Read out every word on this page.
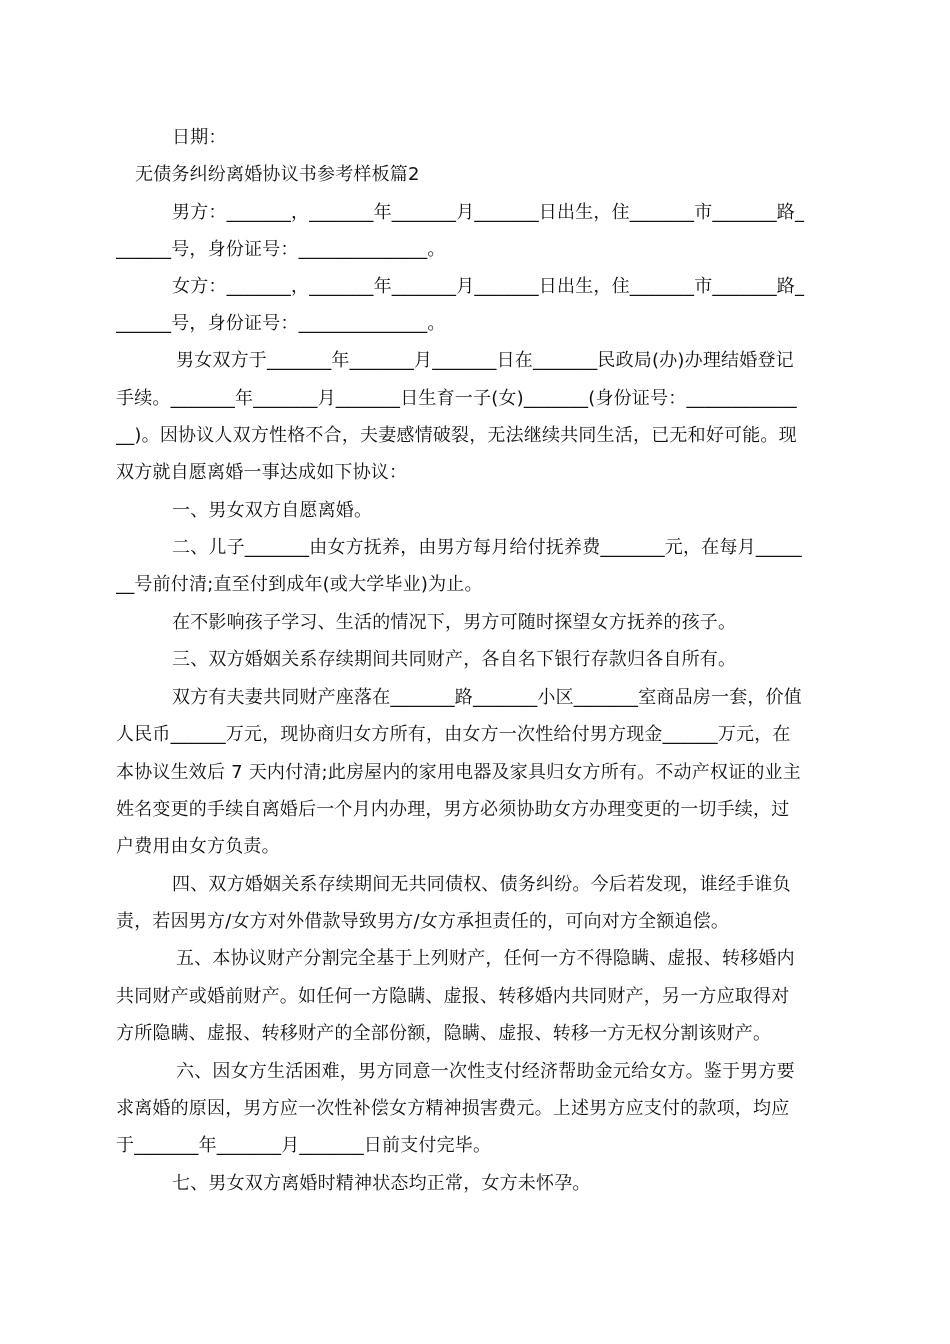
日期：
无债务纠纷离婚协议书参考样板篇2
男方：_______，_______年_______月_______日出生，住_______市_______路_
______号，身份证号：______________。
女方：_______，_______年_______月_______日出生，住_______市_______路_
______号，身份证号：______________。
男女双方于_______年_______月_______日在_______民政局(办)办理结婚登记
手续。_______年_______月_______日生育一子(女)_______(身份证号：____________
__)。因协议人双方性格不合，夫妻感情破裂，无法继续共同生活，已无和好可能。现
双方就自愿离婚一事达成如下协议：
一、男女双方自愿离婚。
二、儿子_______由女方抚养，由男方每月给付抚养费_______元，在每月_____
__号前付清;直至付到成年(或大学毕业)为止。
在不影响孩子学习、生活的情况下，男方可随时探望女方抚养的孩子。
三、双方婚姻关系存续期间共同财产，各自名下银行存款归各自所有。
双方有夫妻共同财产座落在_______路_______小区_______室商品房一套，价值
人民币______万元，现协商归女方所有，由女方一次性给付男方现金______万元，在
本协议生效后 7 天内付清;此房屋内的家用电器及家具归女方所有。不动产权证的业主
姓名变更的手续自离婚后一个月内办理，男方必须协助女方办理变更的一切手续，过
户费用由女方负责。
四、双方婚姻关系存续期间无共同债权、债务纠纷。今后若发现，谁经手谁负
责，若因男方/女方对外借款导致男方/女方承担责任的，可向对方全额追偿。
五、本协议财产分割完全基于上列财产，任何一方不得隐瞒、虚报、转移婚内
共同财产或婚前财产。如任何一方隐瞒、虚报、转移婚内共同财产，另一方应取得对
方所隐瞒、虚报、转移财产的全部份额，隐瞒、虚报、转移一方无权分割该财产。
六、因女方生活困难，男方同意一次性支付经济帮助金元给女方。鉴于男方要
求离婚的原因，男方应一次性补偿女方精神损害费元。上述男方应支付的款项，均应
于_______年_______月_______日前支付完毕。
七、男女双方离婚时精神状态均正常，女方未怀孕。
